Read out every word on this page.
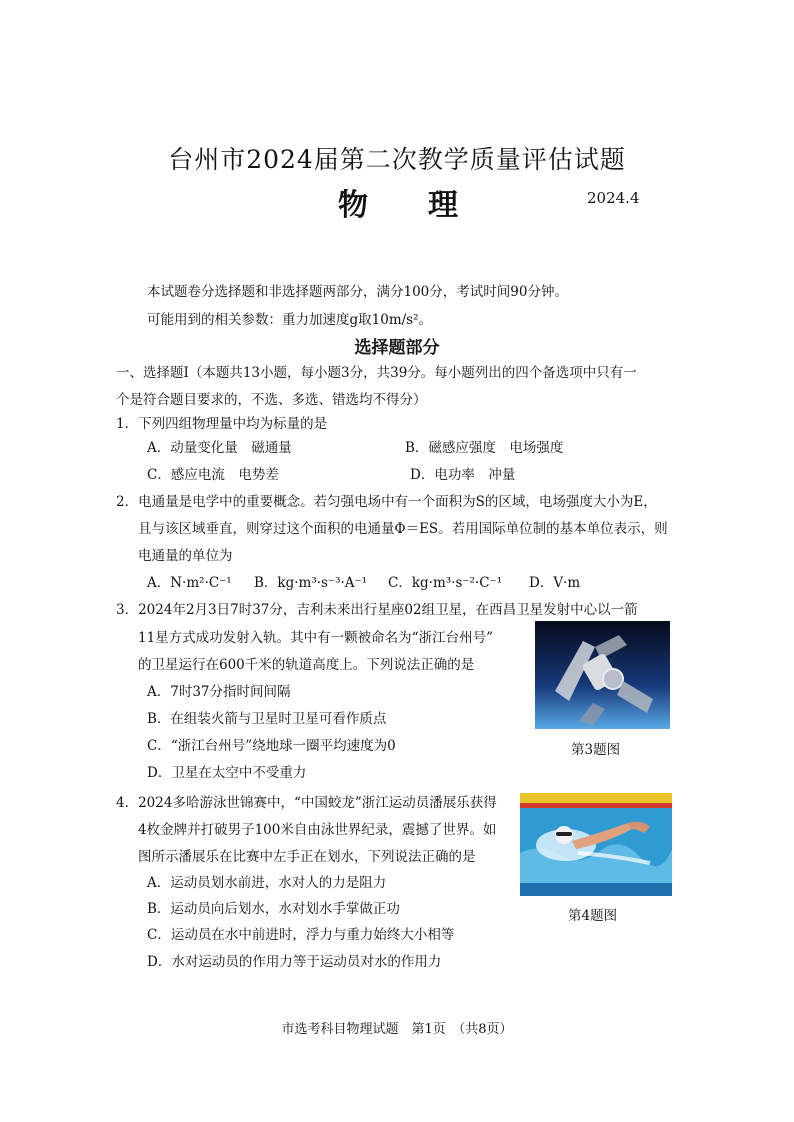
台州市2024届第二次教学质量评估试题
物理	2024.4
本试题卷分选择题和非选择题两部分，满分100分，考试时间90分钟。
可能用到的相关参数：重力加速度g取10m/s²。
选择题部分
一、选择题Ⅰ（本题共13小题，每小题3分，共39分。每小题列出的四个备选项中只有一
个是符合题目要求的，不选、多选、错选均不得分）
1．下列四组物理量中均为标量的是
A．动量变化量　磁通量	B．磁感应强度　电场强度
C．感应电流　电势差	D．电功率　冲量
2．电通量是电学中的重要概念。若匀强电场中有一个面积为S的区域，电场强度大小为E，
且与该区域垂直，则穿过这个面积的电通量Φ＝ES。若用国际单位制的基本单位表示，则
电通量的单位为
A．N·m²·C⁻¹ B．kg·m³·s⁻³·A⁻¹ C．kg·m³·s⁻²·C⁻¹ D．V·m
3．2024年2月3日7时37分，吉利未来出行星座02组卫星，在西昌卫星发射中心以一箭
11星方式成功发射入轨。其中有一颗被命名为“浙江台州号”
的卫星运行在600千米的轨道高度上。下列说法正确的是
A．7时37分指时间间隔
B．在组装火箭与卫星时卫星可看作质点
C．“浙江台州号”绕地球一圈平均速度为0
D．卫星在太空中不受重力
第3题图
4．2024多哈游泳世锦赛中，“中国蛟龙”浙江运动员潘展乐获得
4枚金牌并打破男子100米自由泳世界纪录，震撼了世界。如
图所示潘展乐在比赛中左手正在划水，下列说法正确的是
A．运动员划水前进，水对人的力是阻力
B．运动员向后划水，水对划水手掌做正功
C．运动员在水中前进时，浮力与重力始终大小相等
D．水对运动员的作用力等于运动员对水的作用力
第4题图
市选考科目物理试题　第1页　（共8页）
